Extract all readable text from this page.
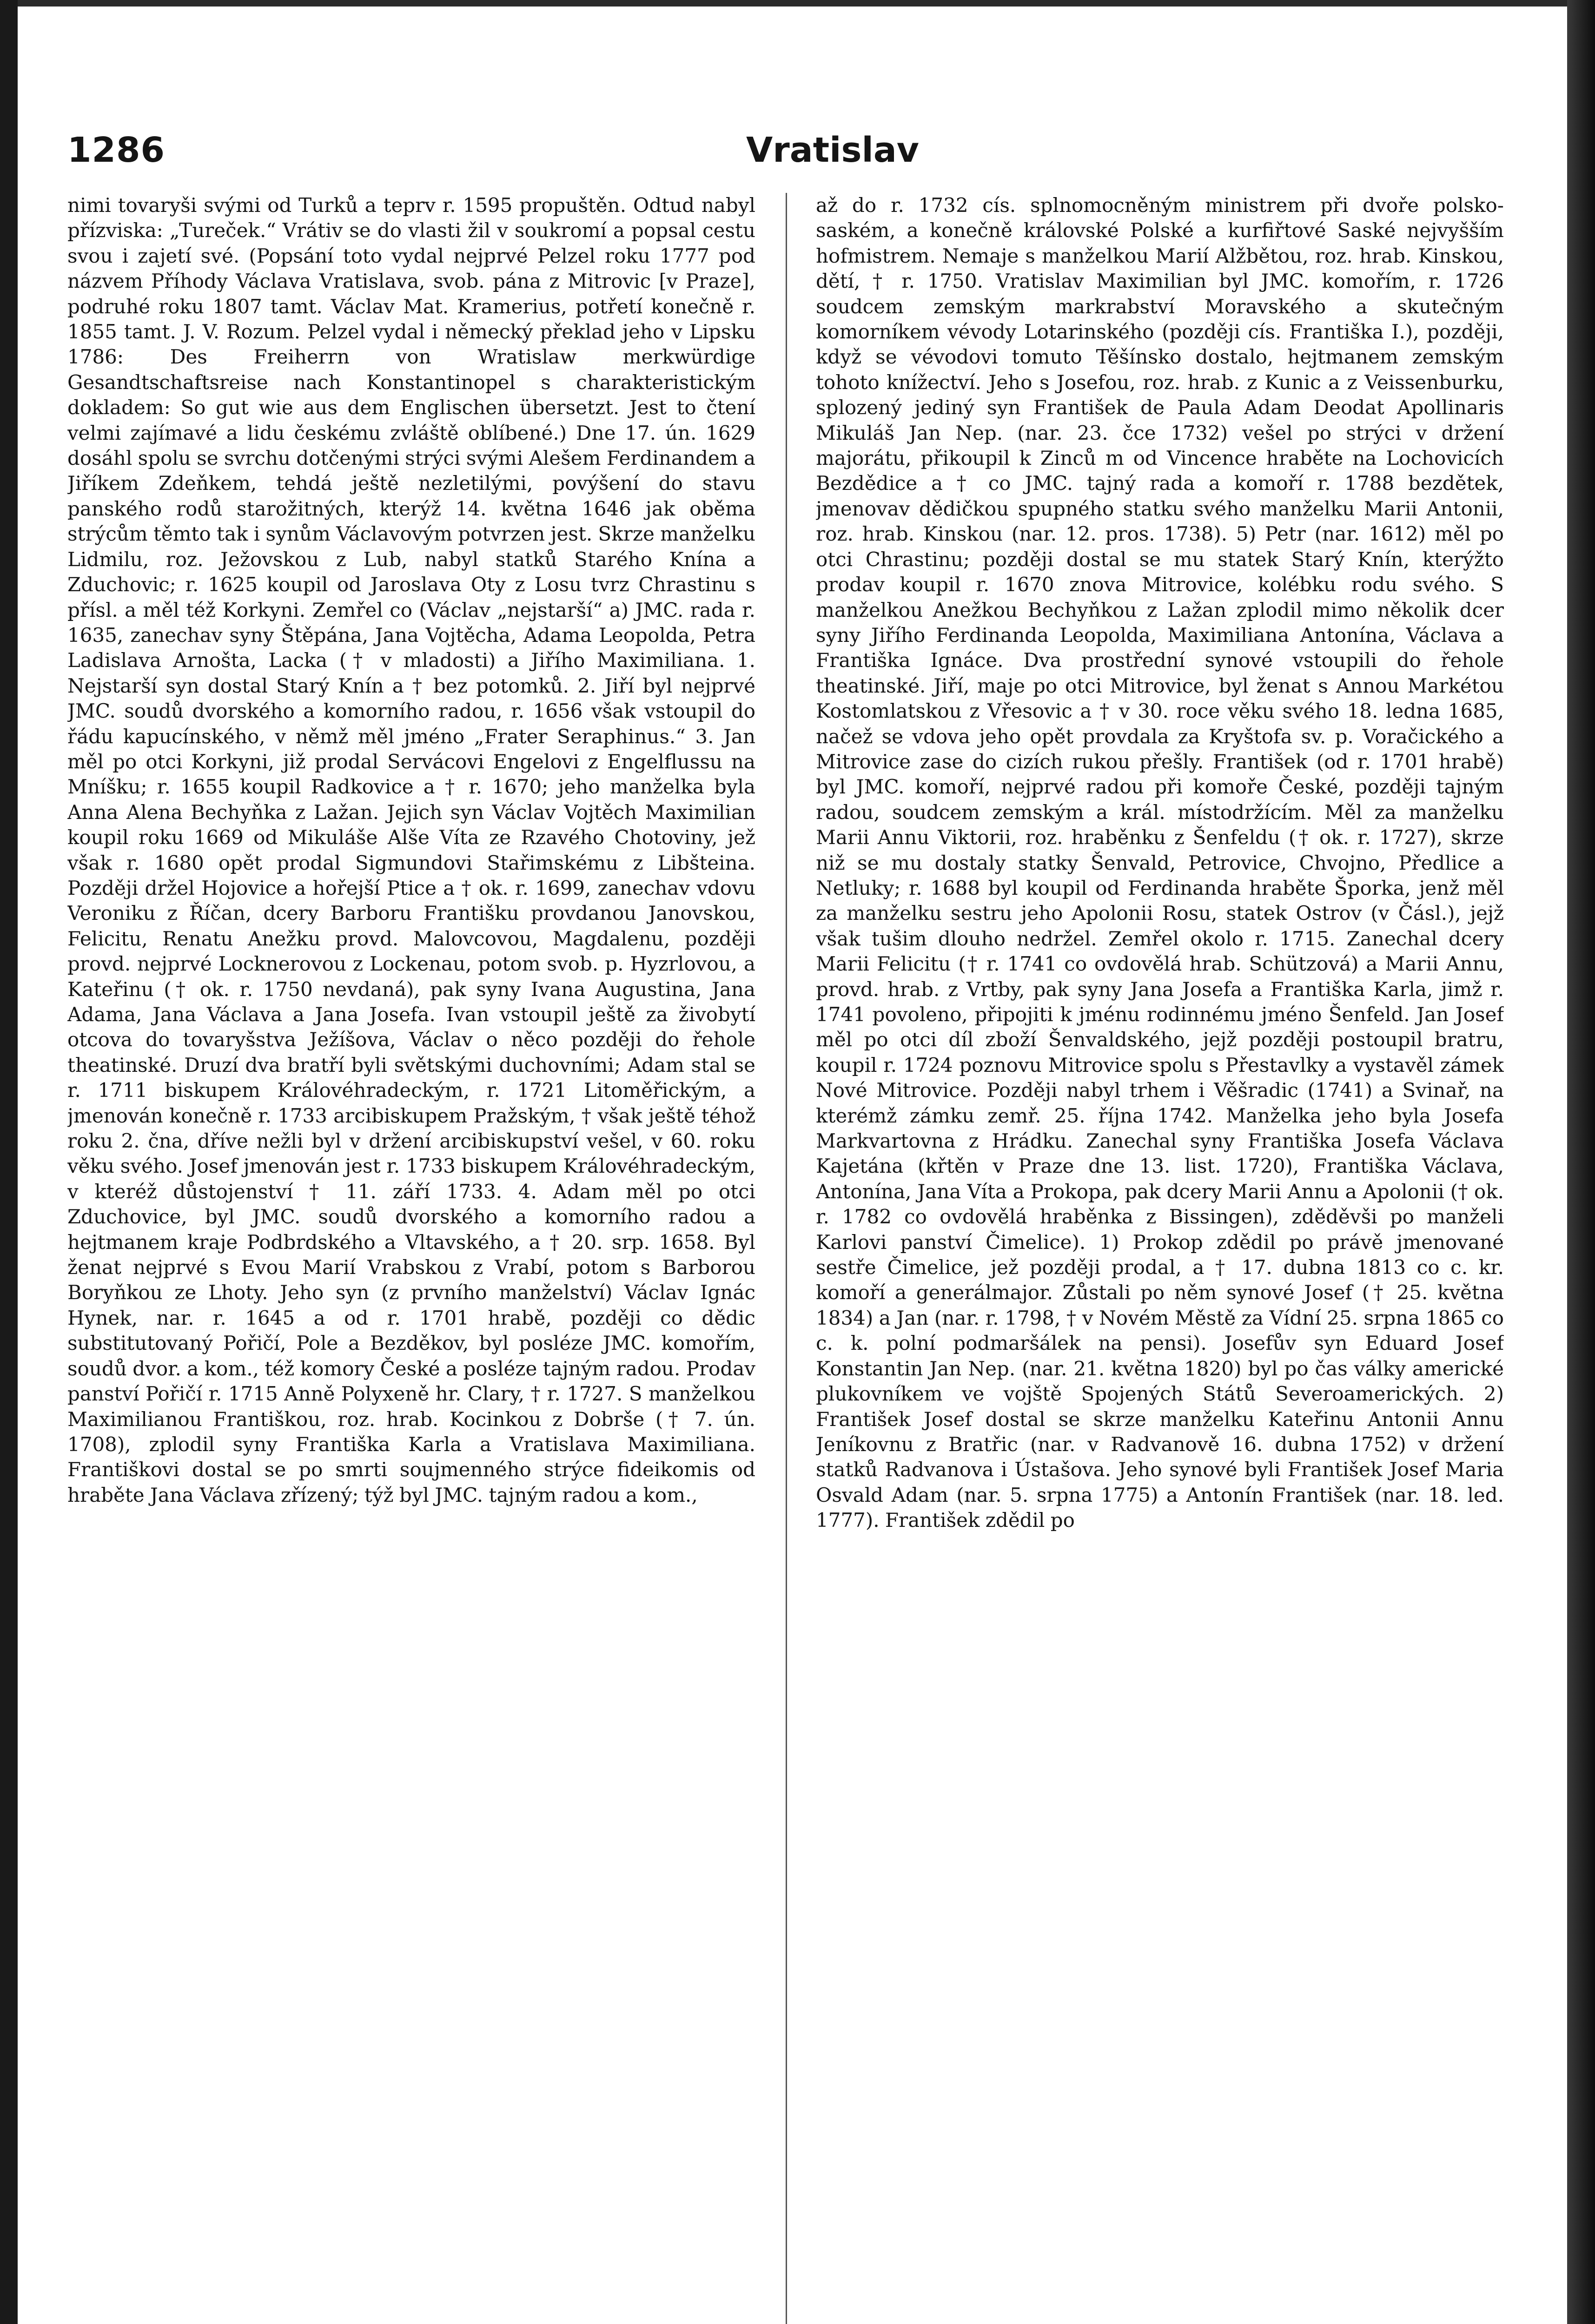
1286	Vratislav

nimi tovaryši svými od Turků a teprv r. 1595 propuštěn. Odtud nabyl přízviska: „Tureček.“ Vrátiv se do vlasti žil v soukromí a popsal cestu svou i zajetí své. (Popsání toto vydal nejprvé Pelzel roku 1777 pod názvem Příhody Václava Vratislava, svob. pána z Mitrovic [v Praze], podruhé roku 1807 tamt. Václav Mat. Kramerius, potřetí konečně r. 1855 tamt. J. V. Rozum. Pelzel vydal i německý překlad jeho v Lipsku 1786: Des Freiherrn von Wratislaw merkwürdige Gesandtschaftsreise nach Konstantinopel s charakteristickým dokladem: So gut wie aus dem Englischen übersetzt. Jest to čtení velmi zajímavé a lidu českému zvláště oblíbené.) Dne 17. ún. 1629 dosáhl spolu se svrchu dotčenými strýci svými Alešem Ferdinandem a Jiříkem Zdeňkem, tehdá ještě nezletilými, povýšení do stavu panského rodů starožitných, kterýž 14. května 1646 jak oběma strýcům těmto tak i synům Václavovým potvrzen jest. Skrze manželku Lidmilu, roz. Ježovskou z Lub, nabyl statků Starého Knína a Zduchovic; r. 1625 koupil od Jaroslava Oty z Losu tvrz Chrastinu s přísl. a měl též Korkyni. Zemřel co (Václav „nejstarší“ a) JMC. rada r. 1635, zanechav syny Štěpána, Jana Vojtěcha, Adama Leopolda, Petra Ladislava Arnošta, Lacka († v mladosti) a Jiřího Maximiliana. 1. Nejstarší syn dostal Starý Knín a † bez potomků. 2. Jiří byl nejprvé JMC. soudů dvorského a komorního radou, r. 1656 však vstoupil do řádu kapucínského, v němž měl jméno „Frater Seraphinus.“ 3. Jan měl po otci Korkyni, již prodal Servácovi Engelovi z Engelflussu na Mníšku; r. 1655 koupil Radkovice a † r. 1670; jeho manželka byla Anna Alena Bechyňka z Lažan. Jejich syn Václav Vojtěch Maximilian koupil roku 1669 od Mikuláše Alše Víta ze Rzavého Chotoviny, jež však r. 1680 opět prodal Sigmundovi Stařimskému z Libšteina. Později držel Hojovice a hořejší Ptice a † ok. r. 1699, zanechav vdovu Veroniku z Říčan, dcery Barboru Františku provdanou Janovskou, Felicitu, Renatu Anežku provd. Malovcovou, Magdalenu, později provd. nejprvé Locknerovou z Lockenau, potom svob. p. Hyzrlovou, a Kateřinu († ok. r. 1750 nevdaná), pak syny Ivana Augustina, Jana Adama, Jana Václava a Jana Josefa. Ivan vstoupil ještě za živobytí otcova do tovaryšstva Ježíšova, Václav o něco později do řehole theatinské. Druzí dva bratří byli světskými duchovními; Adam stal se r. 1711 biskupem Královéhradeckým, r. 1721 Litoměřickým, a jmenován konečně r. 1733 arcibiskupem Pražským, † však ještě téhož roku 2. čna, dříve nežli byl v držení arcibiskupství vešel, v 60. roku věku svého. Josef jmenován jest r. 1733 biskupem Královéhradeckým, v kteréž důstojenství † 11. září 1733. 4. Adam měl po otci Zduchovice, byl JMC. soudů dvorského a komorního radou a hejtmanem kraje Podbrdského a Vltavského, a † 20. srp. 1658. Byl ženat nejprvé s Evou Marií Vrabskou z Vrabí, potom s Barborou Boryňkou ze Lhoty. Jeho syn (z prvního manželství) Václav Ignác Hynek, nar. r. 1645 a od r. 1701 hrabě, později co dědic substitutovaný Pořičí, Pole a Bezděkov, byl posléze JMC. komořím, soudů dvor. a kom., též komory České a posléze tajným radou. Prodav panství Pořičí r. 1715 Anně Polyxeně hr. Clary, † r. 1727. S manželkou Maximilianou Františkou, roz. hrab. Kocinkou z Dobrše († 7. ún. 1708), zplodil syny Františka Karla a Vratislava Maximiliana. Františkovi dostal se po smrti soujmenného strýce fideikomis od hraběte Jana Václava zřízený; týž byl JMC. tajným radou a kom.,

až do r. 1732 cís. splnomocněným ministrem při dvoře polsko-saském, a konečně královské Polské a kurfiřtové Saské nejvyšším hofmistrem. Nemaje s manželkou Marií Alžbětou, roz. hrab. Kinskou, dětí, † r. 1750. Vratislav Maximilian byl JMC. komořím, r. 1726 soudcem zemským markrabství Moravského a skutečným komorníkem vévody Lotarinského (později cís. Františka I.), později, když se vévodovi tomuto Těšínsko dostalo, hejtmanem zemským tohoto knížectví. Jeho s Josefou, roz. hrab. z Kunic a z Veissenburku, splozený jediný syn František de Paula Adam Deodat Apollinaris Mikuláš Jan Nep. (nar. 23. čce 1732) vešel po strýci v držení majorátu, přikoupil k Zinců m od Vincence hraběte na Lochovicích Bezdědice a † co JMC. tajný rada a komoří r. 1788 bezdětek, jmenovav dědičkou spupného statku svého manželku Marii Antonii, roz. hrab. Kinskou (nar. 12. pros. 1738). 5) Petr (nar. 1612) měl po otci Chrastinu; později dostal se mu statek Starý Knín, kterýžto prodav koupil r. 1670 znova Mitrovice, kolébku rodu svého. S manželkou Anežkou Bechyňkou z Lažan zplodil mimo několik dcer syny Jiřího Ferdinanda Leopolda, Maximiliana Antonína, Václava a Františka Ignáce. Dva prostřední synové vstoupili do řehole theatinské. Jiří, maje po otci Mitrovice, byl ženat s Annou Markétou Kostomlatskou z Vřesovic a † v 30. roce věku svého 18. ledna 1685, načež se vdova jeho opět provdala za Kryštofa sv. p. Voračického a Mitrovice zase do cizích rukou přešly. František (od r. 1701 hrabě) byl JMC. komoří, nejprvé radou při komoře České, později tajným radou, soudcem zemským a král. místodržícím. Měl za manželku Marii Annu Viktorii, roz. hraběnku z Šenfeldu († ok. r. 1727), skrze niž se mu dostaly statky Šenvald, Petrovice, Chvojno, Předlice a Netluky; r. 1688 byl koupil od Ferdinanda hraběte Šporka, jenž měl za manželku sestru jeho Apolonii Rosu, statek Ostrov (v Čásl.), jejž však tušim dlouho nedržel. Zemřel okolo r. 1715. Zanechal dcery Marii Felicitu († r. 1741 co ovdovělá hrab. Schützová) a Marii Annu, provd. hrab. z Vrtby, pak syny Jana Josefa a Františka Karla, jimž r. 1741 povoleno, připojiti k jménu rodinnému jméno Šenfeld. Jan Josef měl po otci díl zboží Šenvaldského, jejž později postoupil bratru, koupil r. 1724 poznovu Mitrovice spolu s Přestavlky a vystavěl zámek Nové Mitrovice. Později nabyl trhem i Věšradic (1741) a Svinař, na kterémž zámku zemř. 25. října 1742. Manželka jeho byla Josefa Markvartovna z Hrádku. Zanechal syny Františka Josefa Václava Kajetána (křtěn v Praze dne 13. list. 1720), Františka Václava, Antonína, Jana Víta a Prokopa, pak dcery Marii Annu a Apolonii († ok. r. 1782 co ovdovělá hraběnka z Bissingen), zděděvši po manželi Karlovi panství Čimelice). 1) Prokop zdědil po právě jmenované sestře Čimelice, jež později prodal, a † 17. dubna 1813 co c. kr. komoří a generálmajor. Zůstali po něm synové Josef († 25. května 1834) a Jan (nar. r. 1798, † v Novém Městě za Vídní 25. srpna 1865 co c. k. polní podmaršálek na pensi). Josefův syn Eduard Josef Konstantin Jan Nep. (nar. 21. května 1820) byl po čas války americké plukovníkem ve vojště Spojených Států Severoamerických. 2) František Josef dostal se skrze manželku Kateřinu Antonii Annu Jeníkovnu z Bratřic (nar. v Radvanově 16. dubna 1752) v držení statků Radvanova i Ústašova. Jeho synové byli František Josef Maria Osvald Adam (nar. 5. srpna 1775) a Antonín František (nar. 18. led. 1777). František zdědil po
